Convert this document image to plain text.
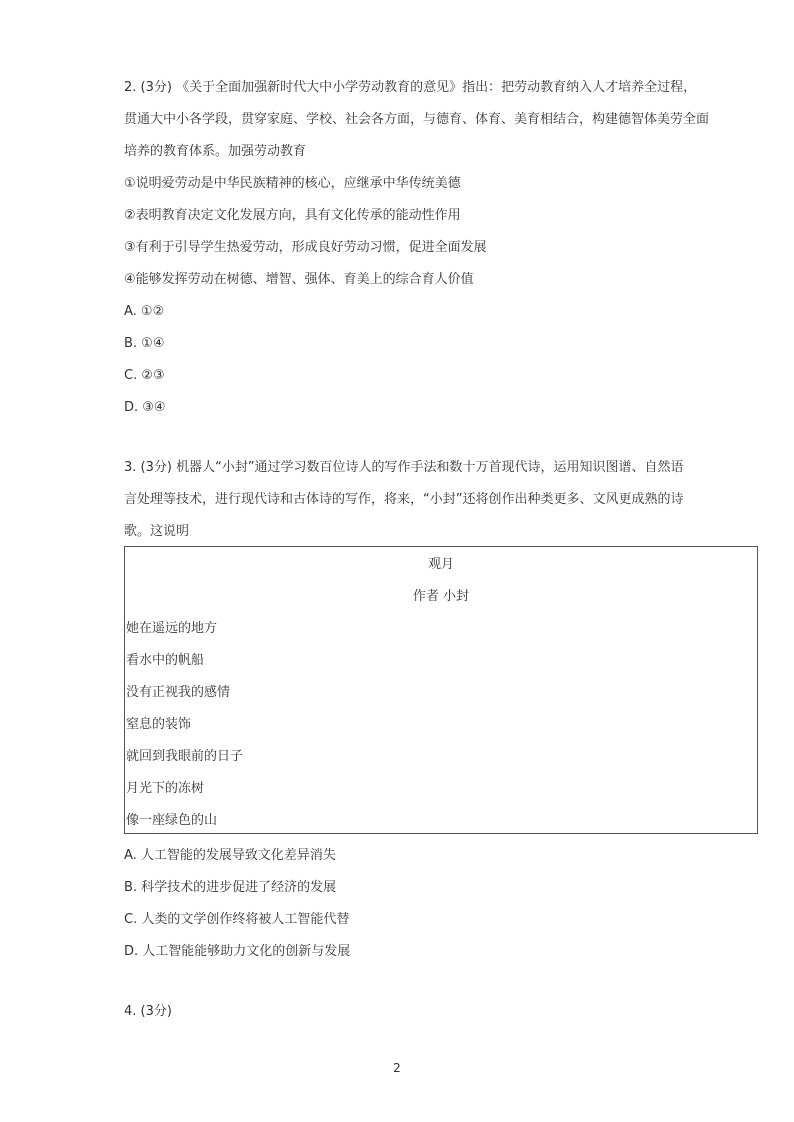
2. (3分) 《关于全面加强新时代大中小学劳动教育的意见》指出：把劳动教育纳入人才培养全过程，
贯通大中小各学段，贯穿家庭、学校、社会各方面，与德育、体育、美育相结合，构建德智体美劳全面
培养的教育体系。加强劳动教育
①说明爱劳动是中华民族精神的核心，应继承中华传统美德
②表明教育决定文化发展方向，具有文化传承的能动性作用
③有利于引导学生热爱劳动，形成良好劳动习惯，促进全面发展
④能够发挥劳动在树德、增智、强体、育美上的综合育人价值
A. ①②
B. ①④
C. ②③
D. ③④
3. (3分) 机器人“小封”通过学习数百位诗人的写作手法和数十万首现代诗，运用知识图谱、自然语
言处理等技术，进行现代诗和古体诗的写作，将来，“小封”还将创作出种类更多、文风更成熟的诗
歌。这说明
观月
作者 小封
她在遥远的地方
看水中的帆船
没有正视我的感情
窒息的装饰
就回到我眼前的日子
月光下的冻树
像一座绿色的山
A. 人工智能的发展导致文化差异消失
B. 科学技术的进步促进了经济的发展
C. 人类的文学创作终将被人工智能代替
D. 人工智能能够助力文化的创新与发展
4. (3分)
2
